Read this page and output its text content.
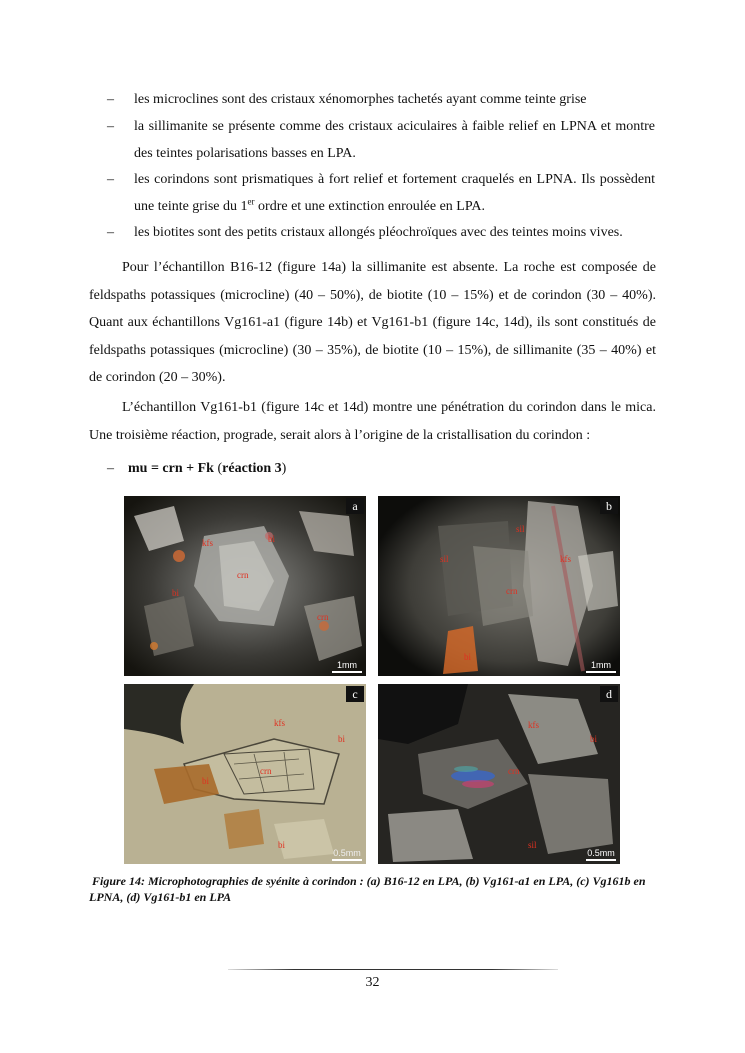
– les microclines sont des cristaux xénomorphes tachetés ayant comme teinte grise
– la sillimanite se présente comme des cristaux aciculaires à faible relief en LPNA et montre des teintes polarisations basses en LPA.
– les corindons sont prismatiques à fort relief et fortement craquelés en LPNA. Ils possèdent une teinte grise du 1er ordre et une extinction enroulée en LPA.
– les biotites sont des petits cristaux allongés pléochroïques avec des teintes moins vives.
Pour l’échantillon B16-12 (figure 14a) la sillimanite est absente. La roche est composée de feldspaths potassiques (microcline) (40 – 50%), de biotite (10 – 15%) et de corindon (30 – 40%). Quant aux échantillons Vg161-a1 (figure 14b) et Vg161-b1 (figure 14c, 14d), ils sont constitués de feldspaths potassiques (microcline) (30 – 35%), de biotite (10 – 15%), de sillimanite (35 – 40%) et de corindon (20 – 30%).
L’échantillon Vg161-b1 (figure 14c et 14d) montre une pénétration du corindon dans le mica. Une troisième réaction, prograde, serait alors à l’origine de la cristallisation du corindon :
– mu = crn + Fk (réaction 3)
a
kfs	bi
crn
bi
crn
1mm
b
sil	kfs
crn
sil
bi
1mm
c
kfs
bi
crn
bi
bi
0.5mm
d
kfs
bi
crn
sil
0.5mm
Figure 14: Microphotographies de syénite à corindon : (a) B16-12 en LPA, (b) Vg161-a1 en LPA, (c) Vg161b en LPNA, (d) Vg161-b1 en LPA
32
